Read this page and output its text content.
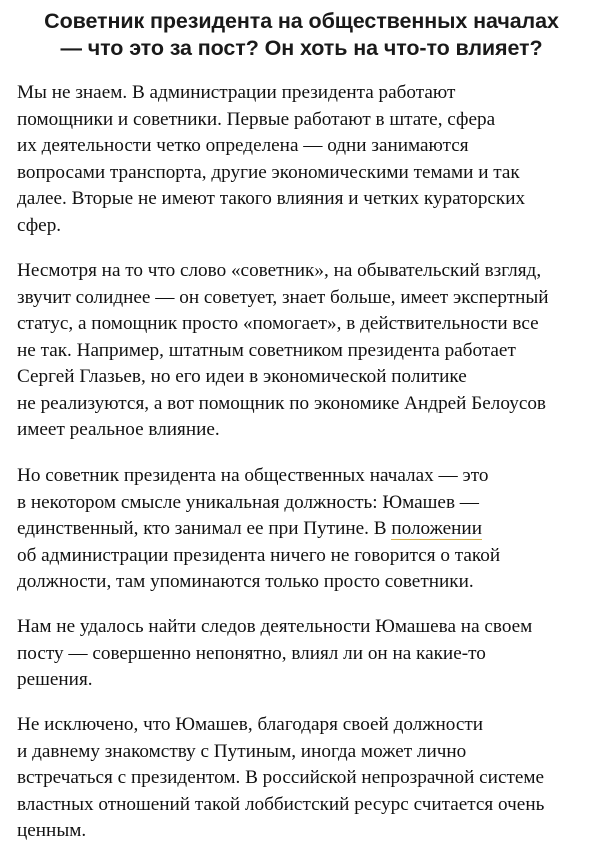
Советник президента на общественных началах
— что это за пост? Он хоть на что-то влияет?

Мы не знаем. В администрации президента работают
помощники и советники. Первые работают в штате, сфера
их деятельности четко определена — одни занимаются
вопросами транспорта, другие экономическими темами и так
далее. Вторые не имеют такого влияния и четких кураторских
сфер.

Несмотря на то что слово «советник», на обывательский взгляд,
звучит солиднее — он советует, знает больше, имеет экспертный
статус, а помощник просто «помогает», в действительности все
не так. Например, штатным советником президента работает
Сергей Глазьев, но его идеи в экономической политике
не реализуются, а вот помощник по экономике Андрей Белоусов
имеет реальное влияние.

Но советник президента на общественных началах — это
в некотором смысле уникальная должность: Юмашев —
единственный, кто занимал ее при Путине. В положении
об администрации президента ничего не говорится о такой
должности, там упоминаются только просто советники.

Нам не удалось найти следов деятельности Юмашева на своем
посту — совершенно непонятно, влиял ли он на какие-то
решения.

Не исключено, что Юмашев, благодаря своей должности
и давнему знакомству с Путиным, иногда может лично
встречаться с президентом. В российской непрозрачной системе
властных отношений такой лоббистский ресурс считается очень
ценным.
